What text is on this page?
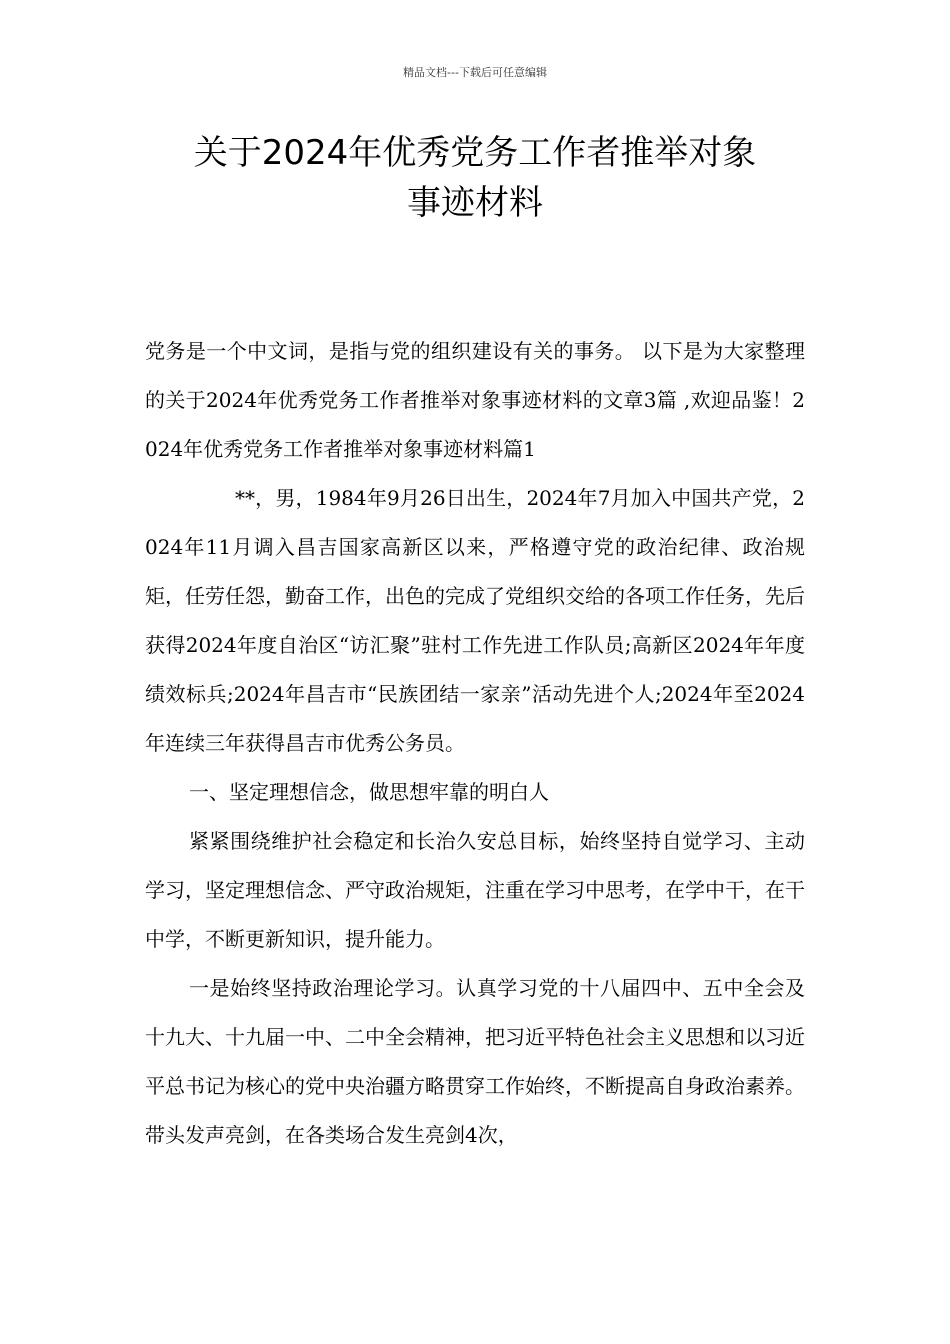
精品文档---下载后可任意编辑
关于2024年优秀党务工作者推举对象
事迹材料

党务是一个中文词，是指与党的组织建设有关的事务。 以下是为大家整理的关于2024年优秀党务工作者推举对象事迹材料的文章3篇 ,欢迎品鉴！2024年优秀党务工作者推举对象事迹材料篇1

**，男，1984年9月26日出生，2024年7月加入中国共产党，2024年11月调入昌吉国家高新区以来，严格遵守党的政治纪律、政治规矩，任劳任怨，勤奋工作，出色的完成了党组织交给的各项工作任务，先后获得2024年度自治区“访汇聚”驻村工作先进工作队员;高新区2024年年度绩效标兵;2024年昌吉市“民族团结一家亲”活动先进个人;2024年至2024年连续三年获得昌吉市优秀公务员。

一、坚定理想信念，做思想牢靠的明白人

紧紧围绕维护社会稳定和长治久安总目标，始终坚持自觉学习、主动学习，坚定理想信念、严守政治规矩，注重在学习中思考，在学中干，在干中学，不断更新知识，提升能力。

一是始终坚持政治理论学习。认真学习党的十八届四中、五中全会及十九大、十九届一中、二中全会精神，把习近平特色社会主义思想和以习近平总书记为核心的党中央治疆方略贯穿工作始终，不断提高自身政治素养。带头发声亮剑，在各类场合发生亮剑4次，
